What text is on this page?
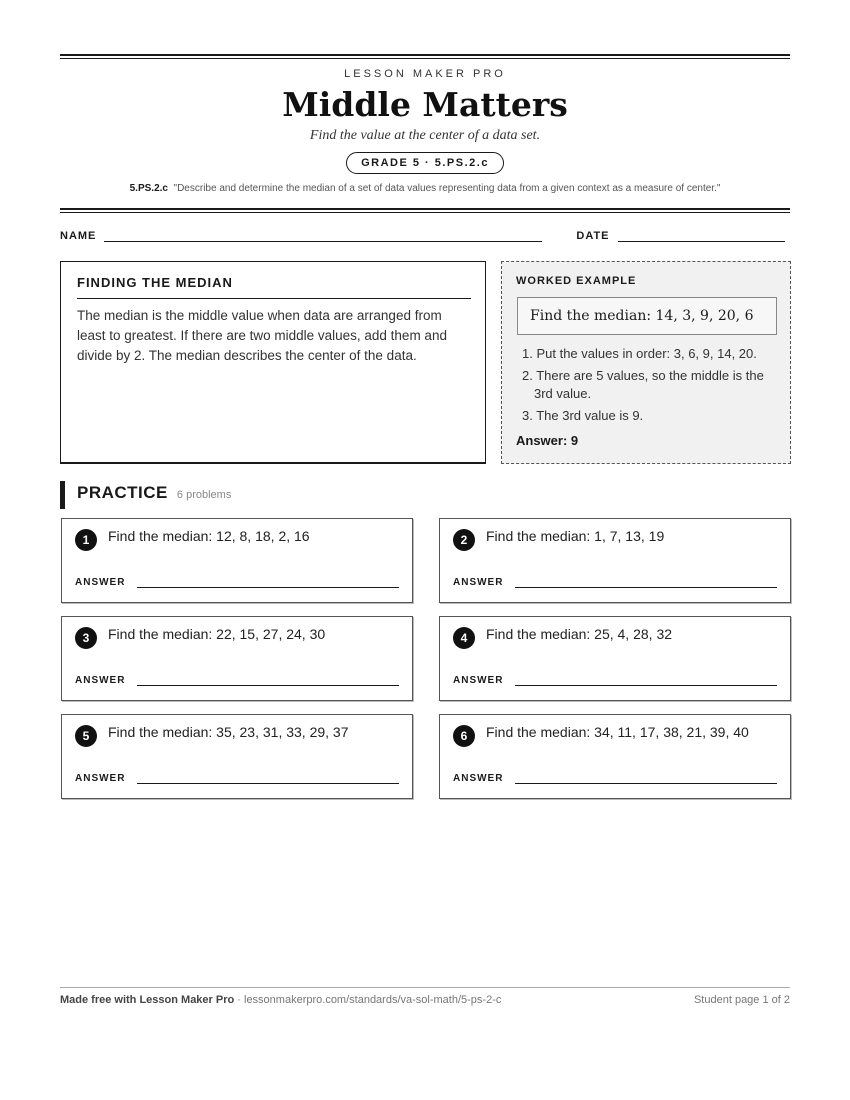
LESSON MAKER PRO
Middle Matters
Find the value at the center of a data set.
GRADE 5 · 5.PS.2.c
5.PS.2.c "Describe and determine the median of a set of data values representing data from a given context as a measure of center."
NAME	DATE
FINDING THE MEDIAN
The median is the middle value when data are arranged from least to greatest. If there are two middle values, add them and divide by 2. The median describes the center of the data.
WORKED EXAMPLE
Find the median: 14, 3, 9, 20, 6
1. Put the values in order: 3, 6, 9, 14, 20.
2. There are 5 values, so the middle is the 3rd value.
3. The 3rd value is 9.
Answer: 9
PRACTICE 6 problems
1	Find the median: 12, 8, 18, 2, 16
ANSWER
2	Find the median: 1, 7, 13, 19
ANSWER
3	Find the median: 22, 15, 27, 24, 30
ANSWER
4	Find the median: 25, 4, 28, 32
ANSWER
5	Find the median: 35, 23, 31, 33, 29, 37
ANSWER
6	Find the median: 34, 11, 17, 38, 21, 39, 40
ANSWER
Made free with Lesson Maker Pro · lessonmakerpro.com/standards/va-sol-math/5-ps-2-c	Student page 1 of 2
